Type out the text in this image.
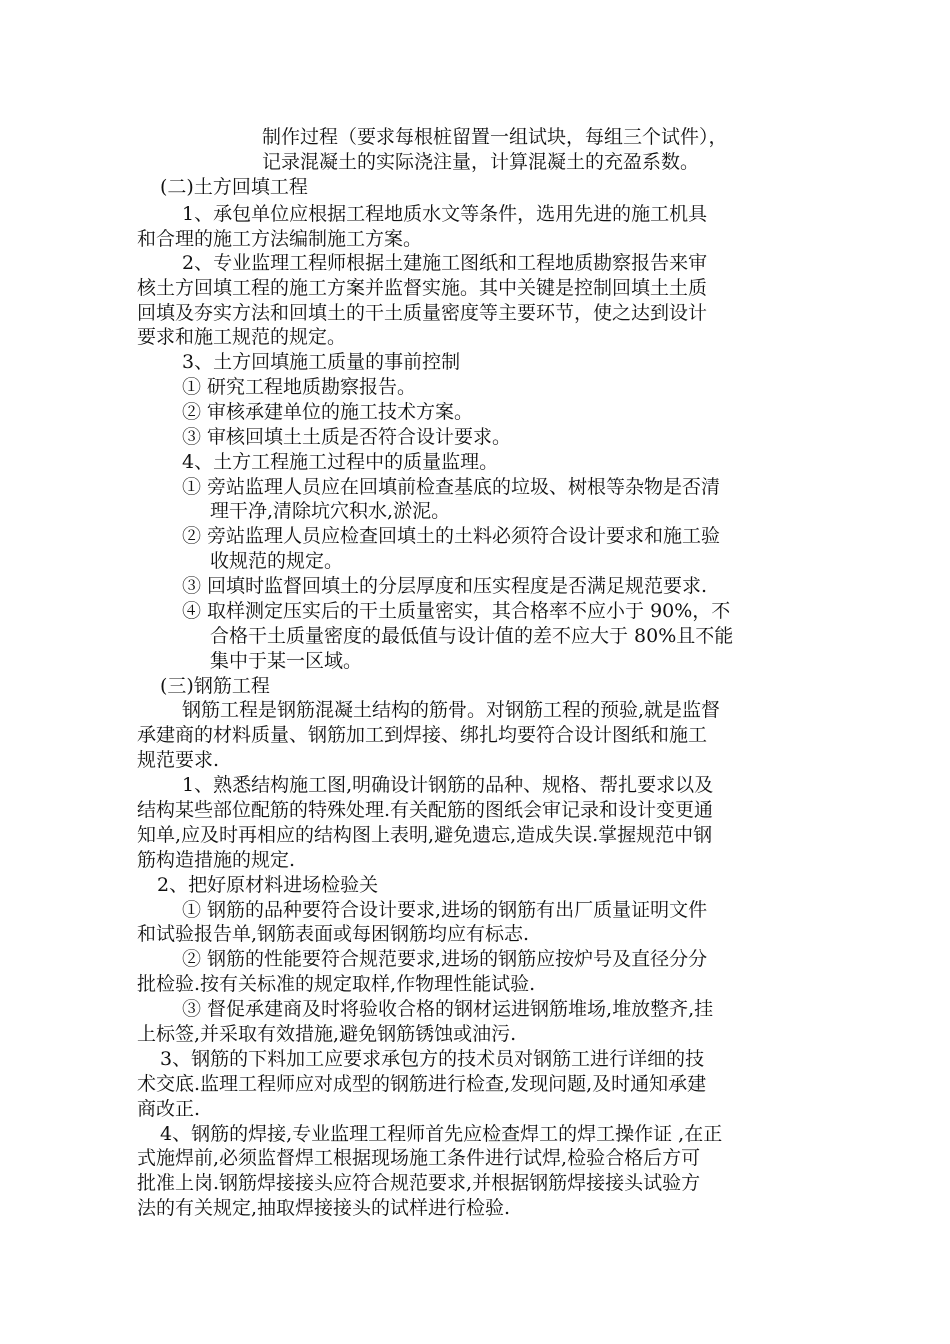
制作过程（要求每根桩留置一组试块，每组三个试件），
记录混凝土的实际浇注量，计算混凝土的充盈系数。
(二)土方回填工程
1、承包单位应根据工程地质水文等条件，选用先进的施工机具
和合理的施工方法编制施工方案。
2、专业监理工程师根据土建施工图纸和工程地质勘察报告来审
核土方回填工程的施工方案并监督实施。其中关键是控制回填土土质
回填及夯实方法和回填土的干土质量密度等主要环节，使之达到设计
要求和施工规范的规定。
3、土方回填施工质量的事前控制
① 研究工程地质勘察报告。
② 审核承建单位的施工技术方案。
③ 审核回填土土质是否符合设计要求。
4、土方工程施工过程中的质量监理。
① 旁站监理人员应在回填前检查基底的垃圾、树根等杂物是否清
理干净,清除坑穴积水,淤泥。
② 旁站监理人员应检查回填土的土料必须符合设计要求和施工验
收规范的规定。
③ 回填时监督回填土的分层厚度和压实程度是否满足规范要求.
④ 取样测定压实后的干土质量密实，其合格率不应小于 90%，不
合格干土质量密度的最低值与设计值的差不应大于 80%且不能
集中于某一区域。
(三)钢筋工程
钢筋工程是钢筋混凝土结构的筋骨。对钢筋工程的预验,就是监督
承建商的材料质量、钢筋加工到焊接、绑扎均要符合设计图纸和施工
规范要求.
1、熟悉结构施工图,明确设计钢筋的品种、规格、帮扎要求以及
结构某些部位配筋的特殊处理.有关配筋的图纸会审记录和设计变更通
知单,应及时再相应的结构图上表明,避免遗忘,造成失误.掌握规范中钢
筋构造措施的规定.
2、把好原材料进场检验关
① 钢筋的品种要符合设计要求,进场的钢筋有出厂质量证明文件
和试验报告单,钢筋表面或每困钢筋均应有标志.
② 钢筋的性能要符合规范要求,进场的钢筋应按炉号及直径分分
批检验.按有关标准的规定取样,作物理性能试验.
③ 督促承建商及时将验收合格的钢材运进钢筋堆场,堆放整齐,挂
上标签,并采取有效措施,避免钢筋锈蚀或油污.
3、钢筋的下料加工应要求承包方的技术员对钢筋工进行详细的技
术交底.监理工程师应对成型的钢筋进行检查,发现问题,及时通知承建
商改正.
4、钢筋的焊接,专业监理工程师首先应检查焊工的焊工操作证 ,在正
式施焊前,必须监督焊工根据现场施工条件进行试焊,检验合格后方可
批准上岗.钢筋焊接接头应符合规范要求,并根据钢筋焊接接头试验方
法的有关规定,抽取焊接接头的试样进行检验.
